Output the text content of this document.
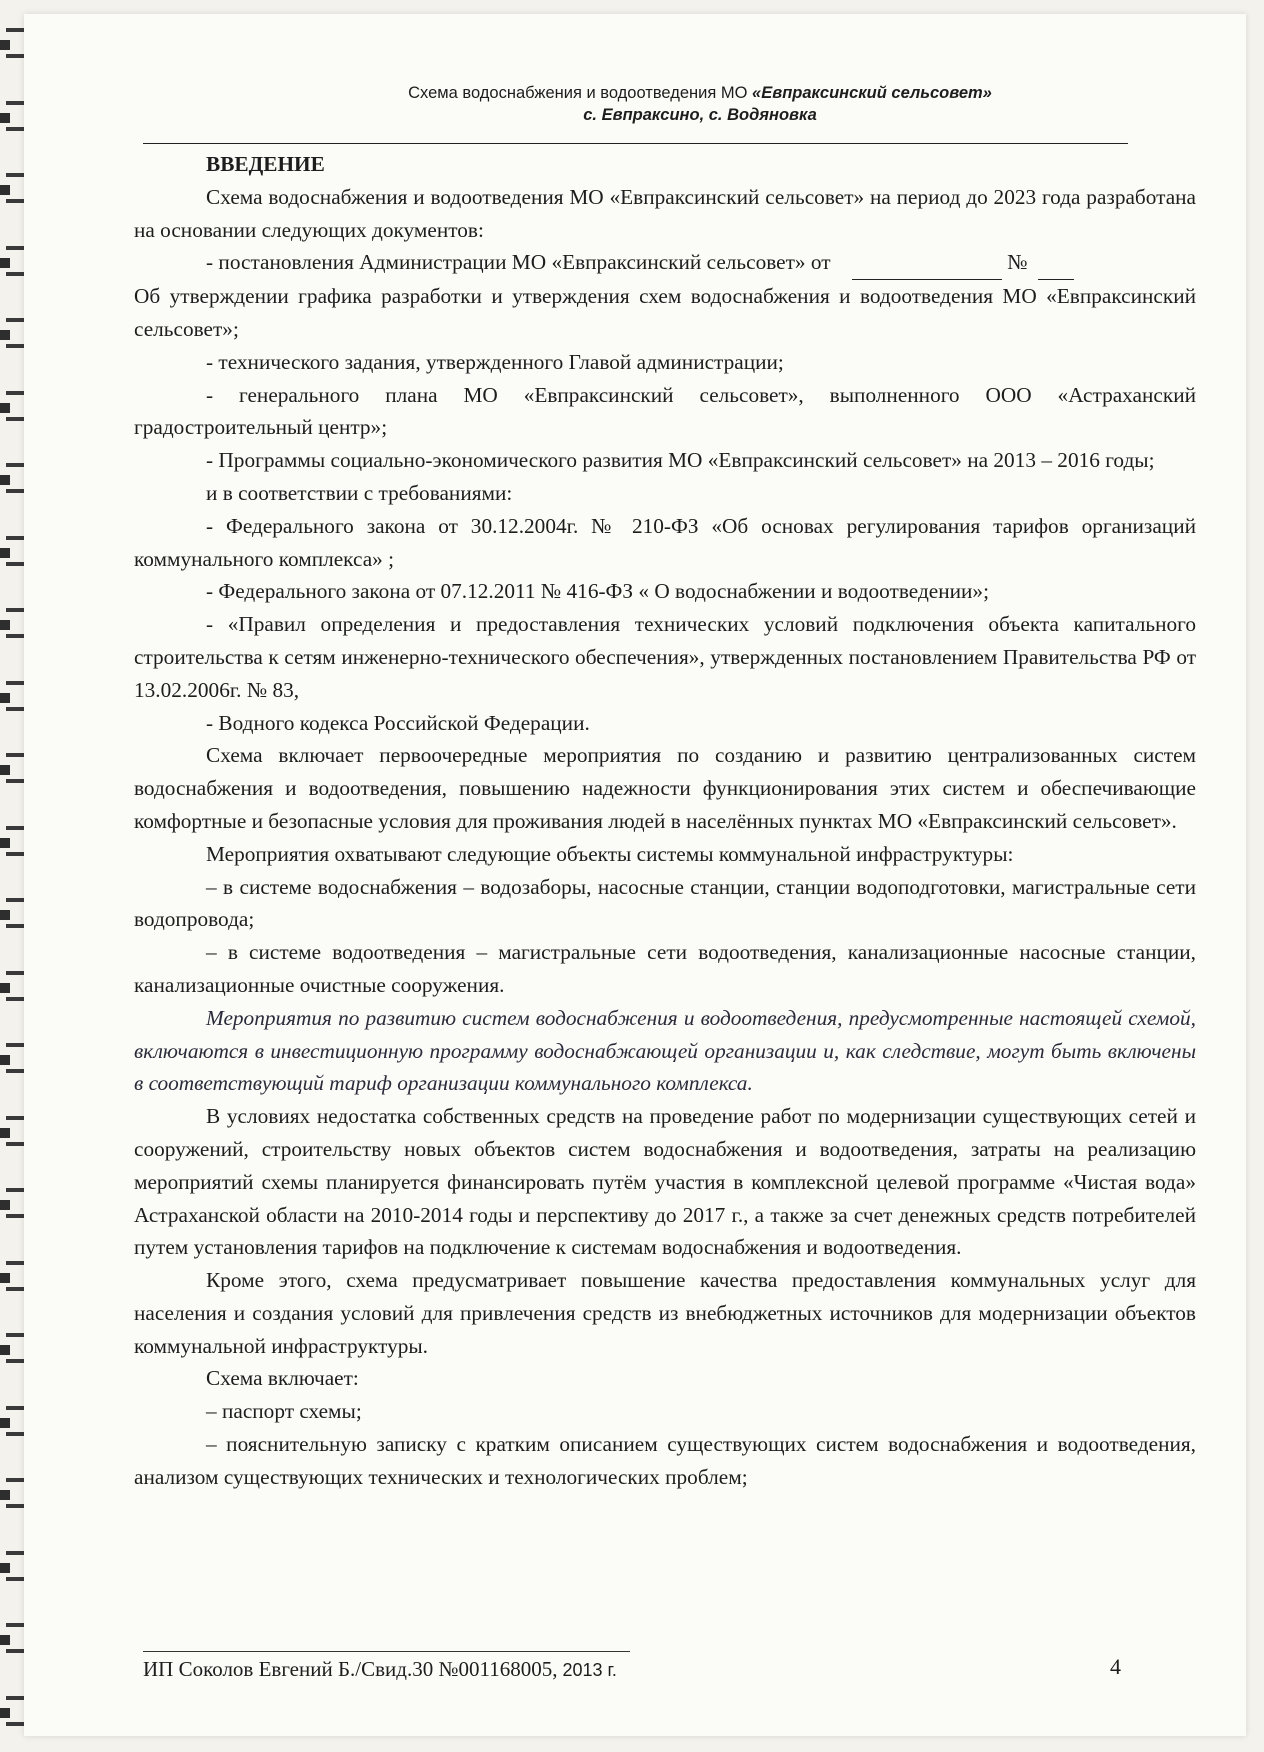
Схема водоснабжения и водоотведения МО «Евпраксинский сельсовет»
с. Евпраксино, с. Водяновка

ВВЕДЕНИЕ

Схема водоснабжения и водоотведения МО «Евпраксинский сельсовет» на период до 2023 года разработана на основании следующих документов:

- постановления Администрации МО «Евпраксинский сельсовет» от	№
Об утверждении графика разработки и утверждения схем водоснабжения и водоотведения МО «Евпраксинский сельсовет»;

- технического задания, утвержденного Главой администрации;

- генерального плана МО «Евпраксинский сельсовет», выполненного ООО «Астраханский градостроительный центр»;

- Программы социально-экономического развития МО «Евпраксинский сельсовет» на 2013 – 2016 годы;

и в соответствии с требованиями:

- Федерального закона от 30.12.2004г. № 210-ФЗ «Об основах регулирования тарифов организаций коммунального комплекса» ;

- Федерального закона от 07.12.2011 № 416-ФЗ « О водоснабжении и водоотведении»;

- «Правил определения и предоставления технических условий подключения объекта капитального строительства к сетям инженерно-технического обеспечения», утвержденных постановлением Правительства РФ от 13.02.2006г. № 83,

- Водного кодекса Российской Федерации.

Схема включает первоочередные мероприятия по созданию и развитию централизованных систем водоснабжения и водоотведения, повышению надежности функционирования этих систем и обеспечивающие комфортные и безопасные условия для проживания людей в населённых пунктах МО «Евпраксинский сельсовет».

Мероприятия охватывают следующие объекты системы коммунальной инфраструктуры:

– в системе водоснабжения – водозаборы, насосные станции, станции водоподготовки, магистральные сети водопровода;

– в системе водоотведения – магистральные сети водоотведения, канализационные насосные станции, канализационные очистные сооружения.

Мероприятия по развитию систем водоснабжения и водоотведения, предусмотренные настоящей схемой, включаются в инвестиционную программу водоснабжающей организации и, как следствие, могут быть включены в соответствующий тариф организации коммунального комплекса.

В условиях недостатка собственных средств на проведение работ по модернизации существующих сетей и сооружений, строительству новых объектов систем водоснабжения и водоотведения, затраты на реализацию мероприятий схемы планируется финансировать путём участия в комплексной целевой программе «Чистая вода» Астраханской области на 2010-2014 годы и перспективу до 2017 г., а также за счет денежных средств потребителей путем установления тарифов на подключение к системам водоснабжения и водоотведения.

Кроме этого, схема предусматривает повышение качества предоставления коммунальных услуг для населения и создания условий для привлечения средств из внебюджетных источников для модернизации объектов коммунальной инфраструктуры.

Схема включает:

– паспорт схемы;

– пояснительную записку с кратким описанием существующих систем водоснабжения и водоотведения, анализом существующих технических и технологических проблем;

ИП Соколов Евгений Б./Свид.30 №001168005, 2013 г.	4
